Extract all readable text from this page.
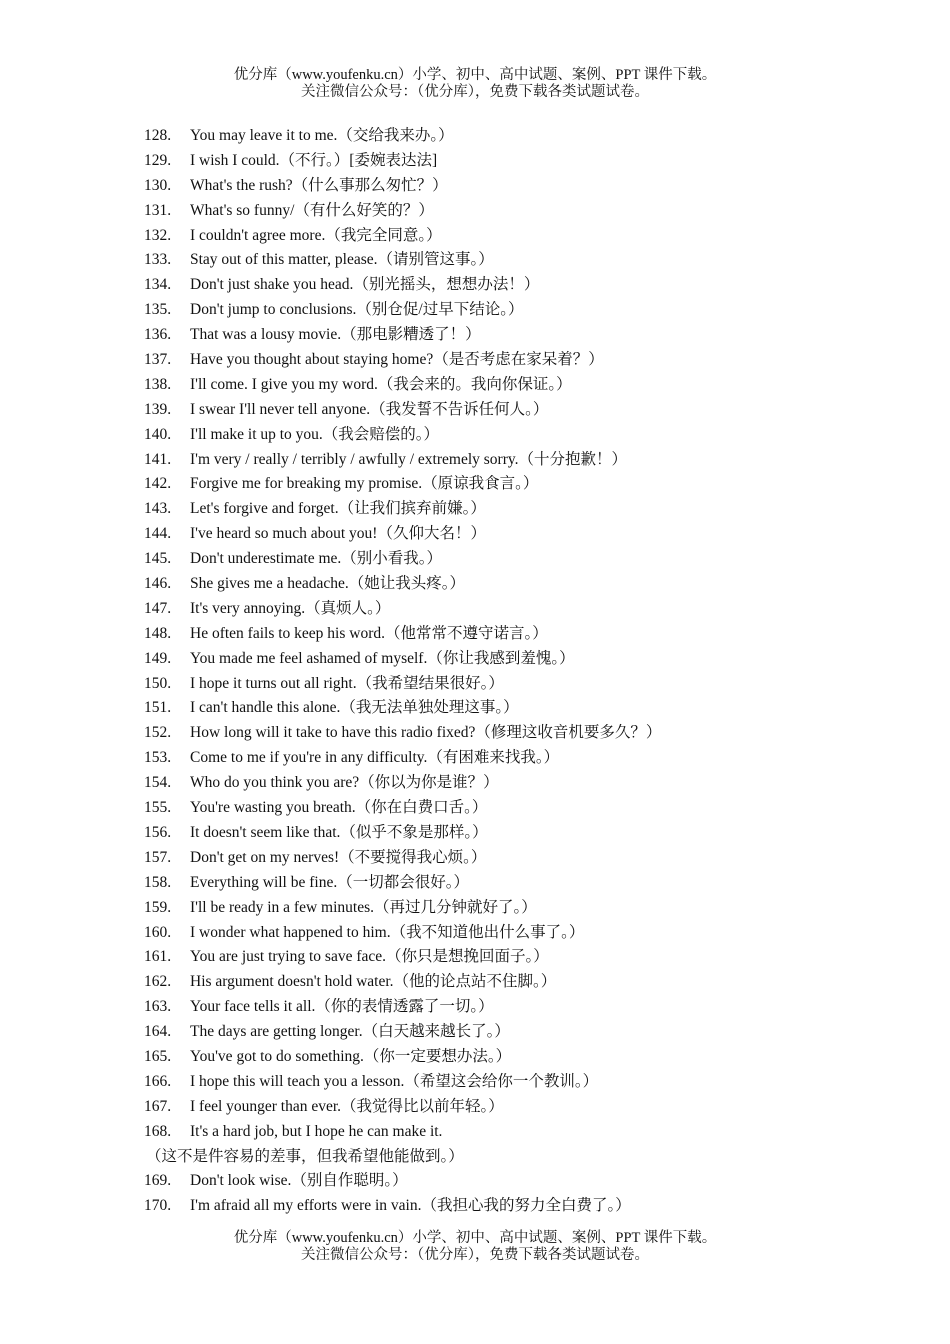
优分库（www.youfenku.cn）小学、初中、高中试题、案例、PPT 课件下载。
关注微信公众号：（优分库），免费下载各类试题试卷。
128. You may leave it to me.（交给我来办。）
129. I wish I could.（不行。）[委婉表达法]
130. What's the rush?（什么事那么匆忙？）
131. What's so funny/（有什么好笑的？）
132. I couldn't agree more.（我完全同意。）
133. Stay out of this matter, please.（请别管这事。）
134. Don't just shake you head.（别光摇头，想想办法！）
135. Don't jump to conclusions.（别仓促/过早下结论。）
136. That was a lousy movie.（那电影糟透了！）
137. Have you thought about staying home?（是否考虑在家呆着？）
138. I'll come. I give you my word.（我会来的。我向你保证。）
139. I swear I'll never tell anyone.（我发誓不告诉任何人。）
140. I'll make it up to you.（我会赔偿的。）
141. I'm very / really / terribly / awfully / extremely sorry.（十分抱歉！）
142. Forgive me for breaking my promise.（原谅我食言。）
143. Let's forgive and forget.（让我们摈弃前嫌。）
144. I've heard so much about you!（久仰大名！）
145. Don't underestimate me.（别小看我。）
146. She gives me a headache.（她让我头疼。）
147. It's very annoying.（真烦人。）
148. He often fails to keep his word.（他常常不遵守诺言。）
149. You made me feel ashamed of myself.（你让我感到羞愧。）
150. I hope it turns out all right.（我希望结果很好。）
151. I can't handle this alone.（我无法单独处理这事。）
152. How long will it take to have this radio fixed?（修理这收音机要多久？）
153. Come to me if you're in any difficulty.（有困难来找我。）
154. Who do you think you are?（你以为你是谁？）
155. You're wasting you breath.（你在白费口舌。）
156. It doesn't seem like that.（似乎不象是那样。）
157. Don't get on my nerves!（不要搅得我心烦。）
158. Everything will be fine.（一切都会很好。）
159. I'll be ready in a few minutes.（再过几分钟就好了。）
160. I wonder what happened to him.（我不知道他出什么事了。）
161. You are just trying to save face.（你只是想挽回面子。）
162. His argument doesn't hold water.（他的论点站不住脚。）
163. Your face tells it all.（你的表情透露了一切。）
164. The days are getting longer.（白天越来越长了。）
165. You've got to do something.（你一定要想办法。）
166. I hope this will teach you a lesson.（希望这会给你一个教训。）
167. I feel younger than ever.（我觉得比以前年轻。）
168. It's a hard job, but I hope he can make it.
（这不是件容易的差事，但我希望他能做到。）
169. Don't look wise.（别自作聪明。）
170. I'm afraid all my efforts were in vain.（我担心我的努力全白费了。）
优分库（www.youfenku.cn）小学、初中、高中试题、案例、PPT 课件下载。
关注微信公众号：（优分库），免费下载各类试题试卷。
